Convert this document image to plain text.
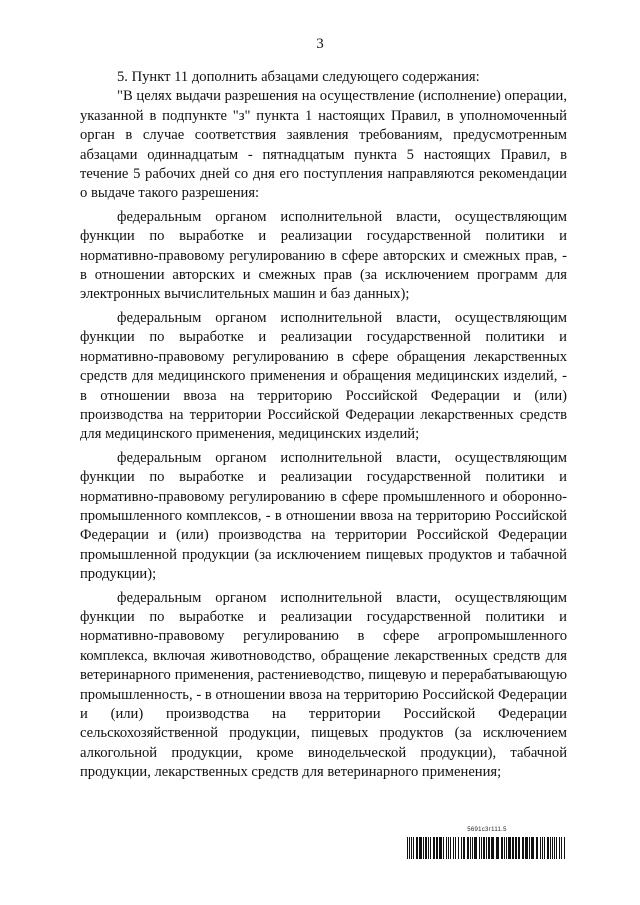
3

5. Пункт 11 дополнить абзацами следующего содержания:

"В целях выдачи разрешения на осуществление (исполнение) операции, указанной в подпункте "з" пункта 1 настоящих Правил, в уполномоченный орган в случае соответствия заявления требованиям, предусмотренным абзацами одиннадцатым - пятнадцатым пункта 5 настоящих Правил, в течение 5 рабочих дней со дня его поступления направляются рекомендации о выдаче такого разрешения:

федеральным органом исполнительной власти, осуществляющим функции по выработке и реализации государственной политики и нормативно-правовому регулированию в сфере авторских и смежных прав, - в отношении авторских и смежных прав (за исключением программ для электронных вычислительных машин и баз данных);

федеральным органом исполнительной власти, осуществляющим функции по выработке и реализации государственной политики и нормативно-правовому регулированию в сфере обращения лекарственных средств для медицинского применения и обращения медицинских изделий, - в отношении ввоза на территорию Российской Федерации и (или) производства на территории Российской Федерации лекарственных средств для медицинского применения, медицинских изделий;

федеральным органом исполнительной власти, осуществляющим функции по выработке и реализации государственной политики и нормативно-правовому регулированию в сфере промышленного и оборонно-промышленного комплексов, - в отношении ввоза на территорию Российской Федерации и (или) производства на территории Российской Федерации промышленной продукции (за исключением пищевых продуктов и табачной продукции);

федеральным органом исполнительной власти, осуществляющим функции по выработке и реализации государственной политики и нормативно-правовому регулированию в сфере агропромышленного комплекса, включая животноводство, обращение лекарственных средств для ветеринарного применения, растениеводство, пищевую и перерабатывающую промышленность, - в отношении ввоза на территорию Российской Федерации и (или) производства на территории Российской Федерации сельскохозяйственной продукции, пищевых продуктов (за исключением алкогольной продукции, кроме винодельческой продукции), табачной продукции, лекарственных средств для ветеринарного применения;

5691с3г111.5
